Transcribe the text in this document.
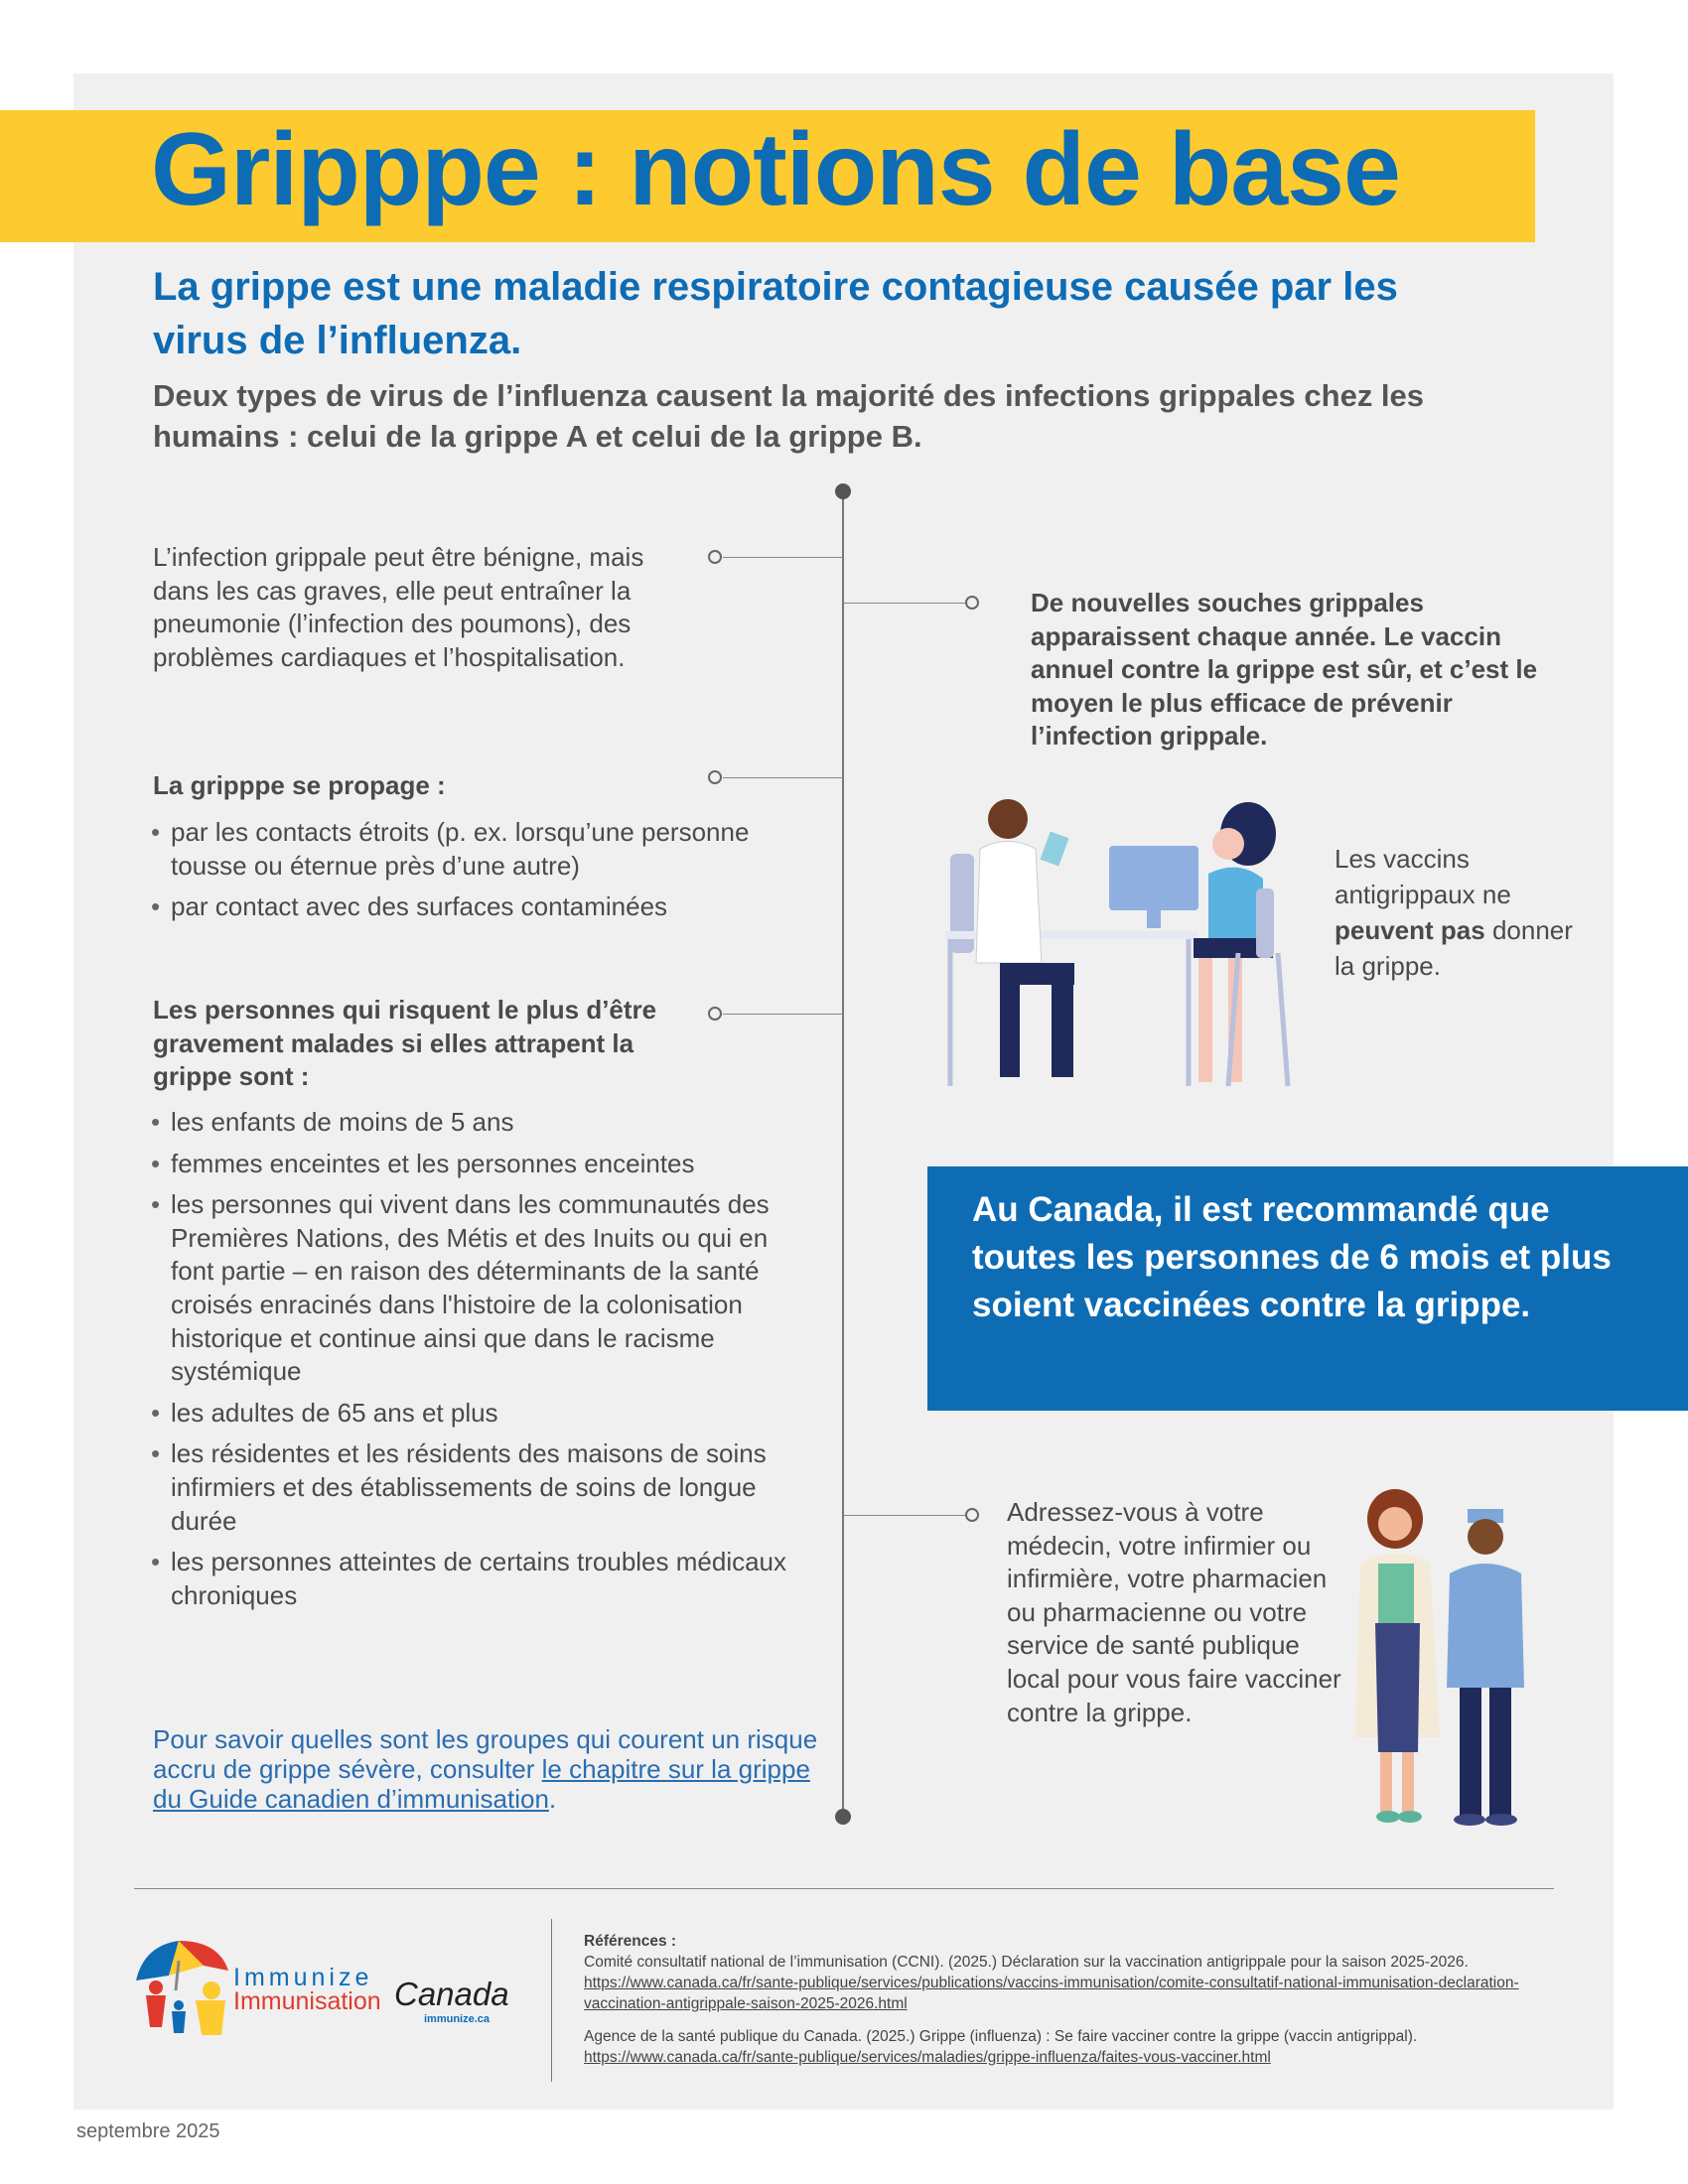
Gripppe : notions de base
La grippe est une maladie respiratoire contagieuse causée par les virus de l’influenza.

Deux types de virus de l’influenza causent la majorité des infections grippales chez les humains : celui de la grippe A et celui de la grippe B.

L’infection grippale peut être bénigne, mais dans les cas graves, elle peut entraîner la pneumonie (l’infection des poumons), des problèmes cardiaques et l’hospitalisation.

La gripppe se propage :

• par les contacts étroits (p. ex. lorsqu’une personne tousse ou éternue près d’une autre)
• par contact avec des surfaces contaminées

Les personnes qui risquent le plus d’être gravement malades si elles attrapent la grippe sont :

• les enfants de moins de 5 ans
• femmes enceintes et les personnes enceintes
• les personnes qui vivent dans les communautés des Premières Nations, des Métis et des Inuits ou qui en font partie – en raison des déterminants de la santé croisés enracinés dans l'histoire de la colonisation historique et continue ainsi que dans le racisme systémique
• les adultes de 65 ans et plus
• les résidentes et les résidents des maisons de soins infirmiers et des établissements de soins de longue durée
• les personnes atteintes de certains troubles médicaux chroniques

Pour savoir quelles sont les groupes qui courent un risque accru de grippe sévère, consulter le chapitre sur la grippe du Guide canadien d’immunisation.

De nouvelles souches grippales apparaissent chaque année. Le vaccin annuel contre la grippe est sûr, et c’est le moyen le plus efficace de prévenir l’infection grippale.

Les vaccins antigrippaux ne peuvent pas donner la grippe.

Au Canada, il est recommandé que toutes les personnes de 6 mois et plus soient vaccinées contre la grippe.

Adressez-vous à votre médecin, votre infirmier ou infirmière, votre pharmacien ou pharmacienne ou votre service de santé publique local pour vous faire vacciner contre la grippe.

Immunize
Immunisation Canada
immunize.ca

Références :

Comité consultatif national de l’immunisation (CCNI). (2025.) Déclaration sur la vaccination antigrippale pour la saison 2025-2026. https://www.canada.ca/fr/sante-publique/services/publications/vaccins-immunisation/comite-consultatif-national-immunisation-declaration-vaccination-antigrippale-saison-2025-2026.html

Agence de la santé publique du Canada. (2025.) Grippe (influenza) : Se faire vacciner contre la grippe (vaccin antigrippal). https://www.canada.ca/fr/sante-publique/services/maladies/grippe-influenza/faites-vous-vacciner.html

septembre 2025
